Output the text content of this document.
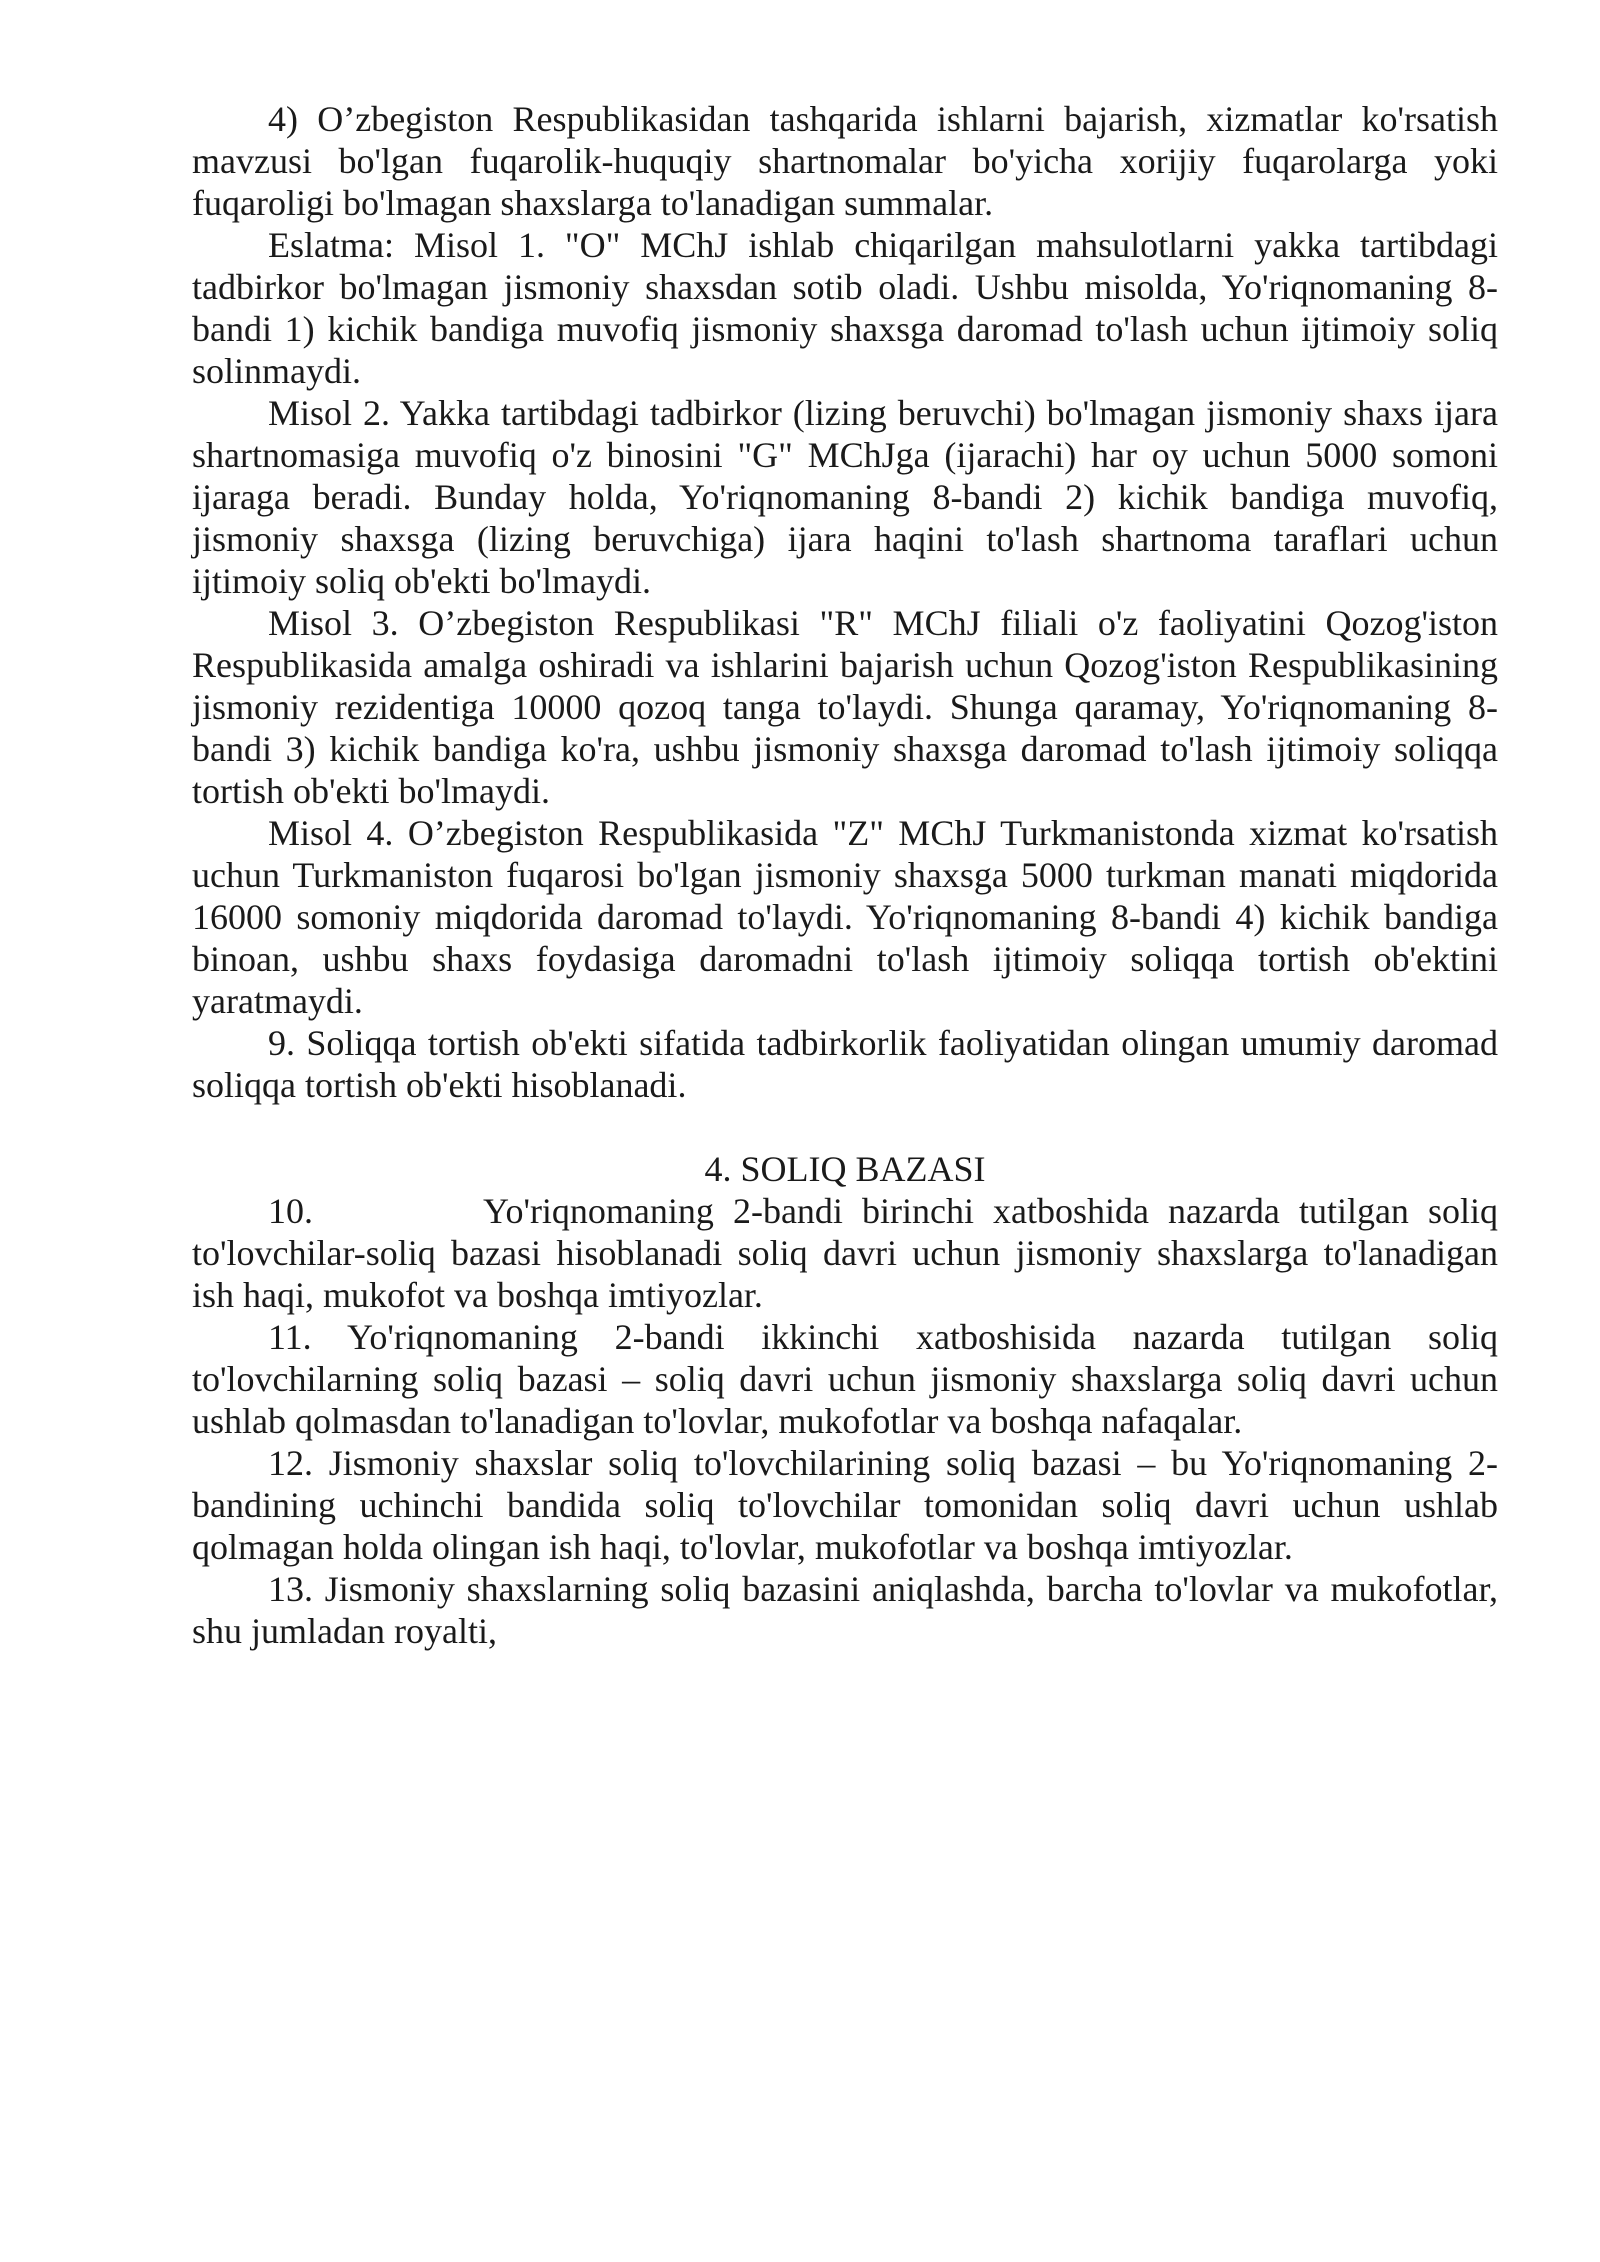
4) O’zbegiston Respublikasidan tashqarida ishlarni bajarish, xizmatlar ko'rsatish mavzusi bo'lgan fuqarolik-huquqiy shartnomalar bo'yicha xorijiy fuqarolarga yoki fuqaroligi bo'lmagan shaxslarga to'lanadigan summalar.

Eslatma: Misol 1. "O" MChJ ishlab chiqarilgan mahsulotlarni yakka tartibdagi tadbirkor bo'lmagan jismoniy shaxsdan sotib oladi. Ushbu misolda, Yo'riqnomaning 8-bandi 1) kichik bandiga muvofiq jismoniy shaxsga daromad to'lash uchun ijtimoiy soliq solinmaydi.

Misol 2. Yakka tartibdagi tadbirkor (lizing beruvchi) bo'lmagan jismoniy shaxs ijara shartnomasiga muvofiq o'z binosini "G" MChJga (ijarachi) har oy uchun 5000 somoni ijaraga beradi. Bunday holda, Yo'riqnomaning 8-bandi 2) kichik bandiga muvofiq, jismoniy shaxsga (lizing beruvchiga) ijara haqini to'lash shartnoma taraflari uchun ijtimoiy soliq ob'ekti bo'lmaydi.

Misol 3. O’zbegiston Respublikasi "R" MChJ filiali o'z faoliyatini Qozog'iston Respublikasida amalga oshiradi va ishlarini bajarish uchun Qozog'iston Respublikasining jismoniy rezidentiga 10000 qozoq tanga to'laydi. Shunga qaramay, Yo'riqnomaning 8-bandi 3) kichik bandiga ko'ra, ushbu jismoniy shaxsga daromad to'lash ijtimoiy soliqqa tortish ob'ekti bo'lmaydi.

Misol 4. O’zbegiston Respublikasida "Z" MChJ Turkmanistonda xizmat ko'rsatish uchun Turkmaniston fuqarosi bo'lgan jismoniy shaxsga 5000 turkman manati miqdorida 16000 somoniy miqdorida daromad to'laydi. Yo'riqnomaning 8-bandi 4) kichik bandiga binoan, ushbu shaxs foydasiga daromadni to'lash ijtimoiy soliqqa tortish ob'ektini yaratmaydi.

9. Soliqqa tortish ob'ekti sifatida tadbirkorlik faoliyatidan olingan umumiy daromad soliqqa tortish ob'ekti hisoblanadi.

4. SOLIQ BAZASI

10.         Yo'riqnomaning 2-bandi birinchi xatboshida nazarda tutilgan soliq to'lovchilar-soliq bazasi hisoblanadi soliq davri uchun jismoniy shaxslarga to'lanadigan ish haqi, mukofot va boshqa imtiyozlar.

11. Yo'riqnomaning 2-bandi ikkinchi xatboshisida nazarda tutilgan soliq to'lovchilarning soliq bazasi – soliq davri uchun jismoniy shaxslarga soliq davri uchun ushlab qolmasdan to'lanadigan to'lovlar, mukofotlar va boshqa nafaqalar.

12. Jismoniy shaxslar soliq to'lovchilarining soliq bazasi – bu Yo'riqnomaning 2-bandining uchinchi bandida soliq to'lovchilar tomonidan soliq davri uchun ushlab qolmagan holda olingan ish haqi, to'lovlar, mukofotlar va boshqa imtiyozlar.

13. Jismoniy shaxslarning soliq bazasini aniqlashda, barcha to'lovlar va mukofotlar, shu jumladan royalti,
